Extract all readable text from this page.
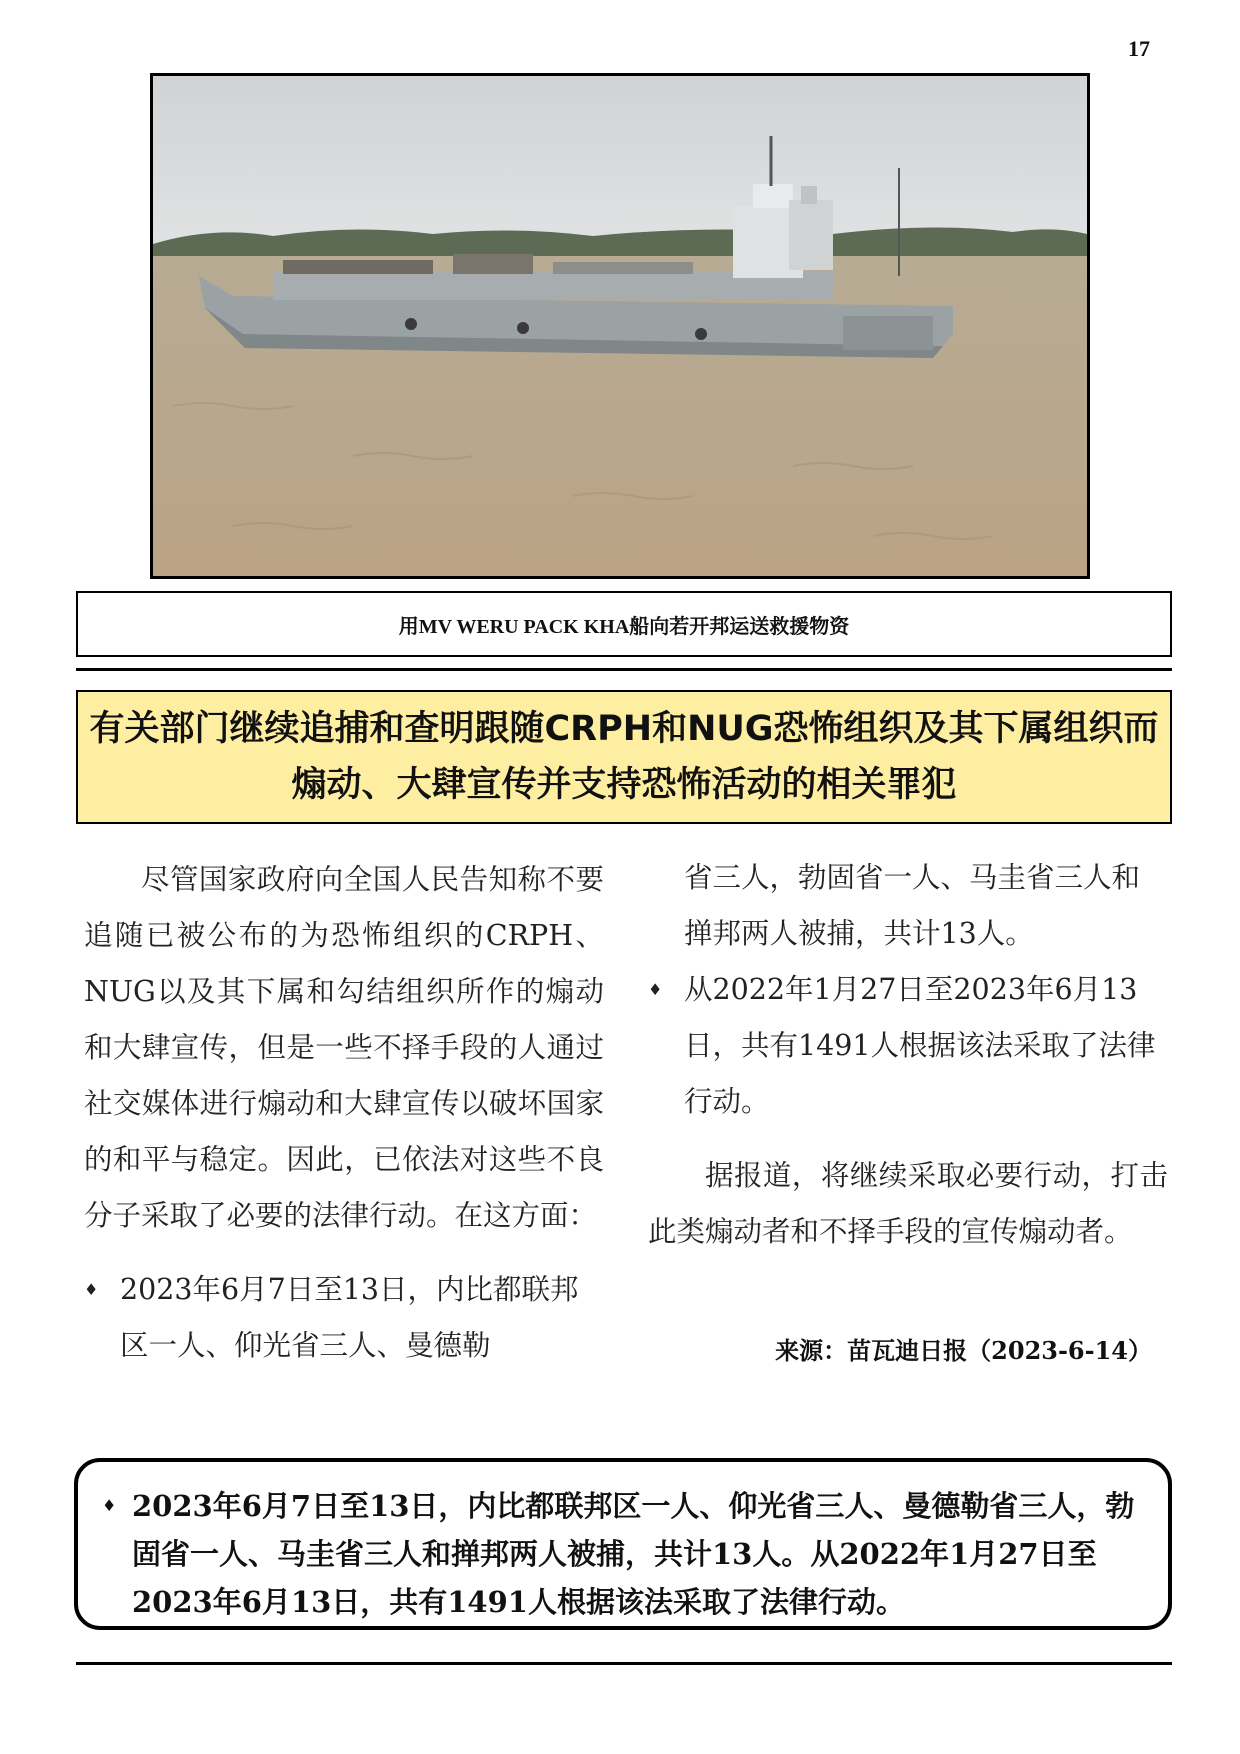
17
用MV WERU PACK KHA船向若开邦运送救援物资
有关部门继续追捕和查明跟随CRPH和NUG恐怖组织及其下属组织而
煽动、大肆宣传并支持恐怖活动的相关罪犯

尽管国家政府向全国人民告知称不要追随已被公布的为恐怖组织的CRPH、NUG以及其下属和勾结组织所作的煽动和大肆宣传，但是一些不择手段的人通过社交媒体进行煽动和大肆宣传以破坏国家的和平与稳定。因此，已依法对这些不良分子采取了必要的法律行动。在这方面：

♦ 2023年6月7日至13日，内比都联邦区一人、仰光省三人、曼德勒

省三人，勃固省一人、马圭省三人和掸邦两人被捕，共计13人。

♦ 从2022年1月27日至2023年6月13日，共有1491人根据该法采取了法律行动。

据报道，将继续采取必要行动，打击此类煽动者和不择手段的宣传煽动者。

来源：苗瓦迪日报（2023-6-14）
♦ 2023年6月7日至13日，内比都联邦区一人、仰光省三人、曼德勒省三人，勃固省一人、马圭省三人和掸邦两人被捕，共计13人。从2022年1月27日至2023年6月13日，共有1491人根据该法采取了法律行动。
